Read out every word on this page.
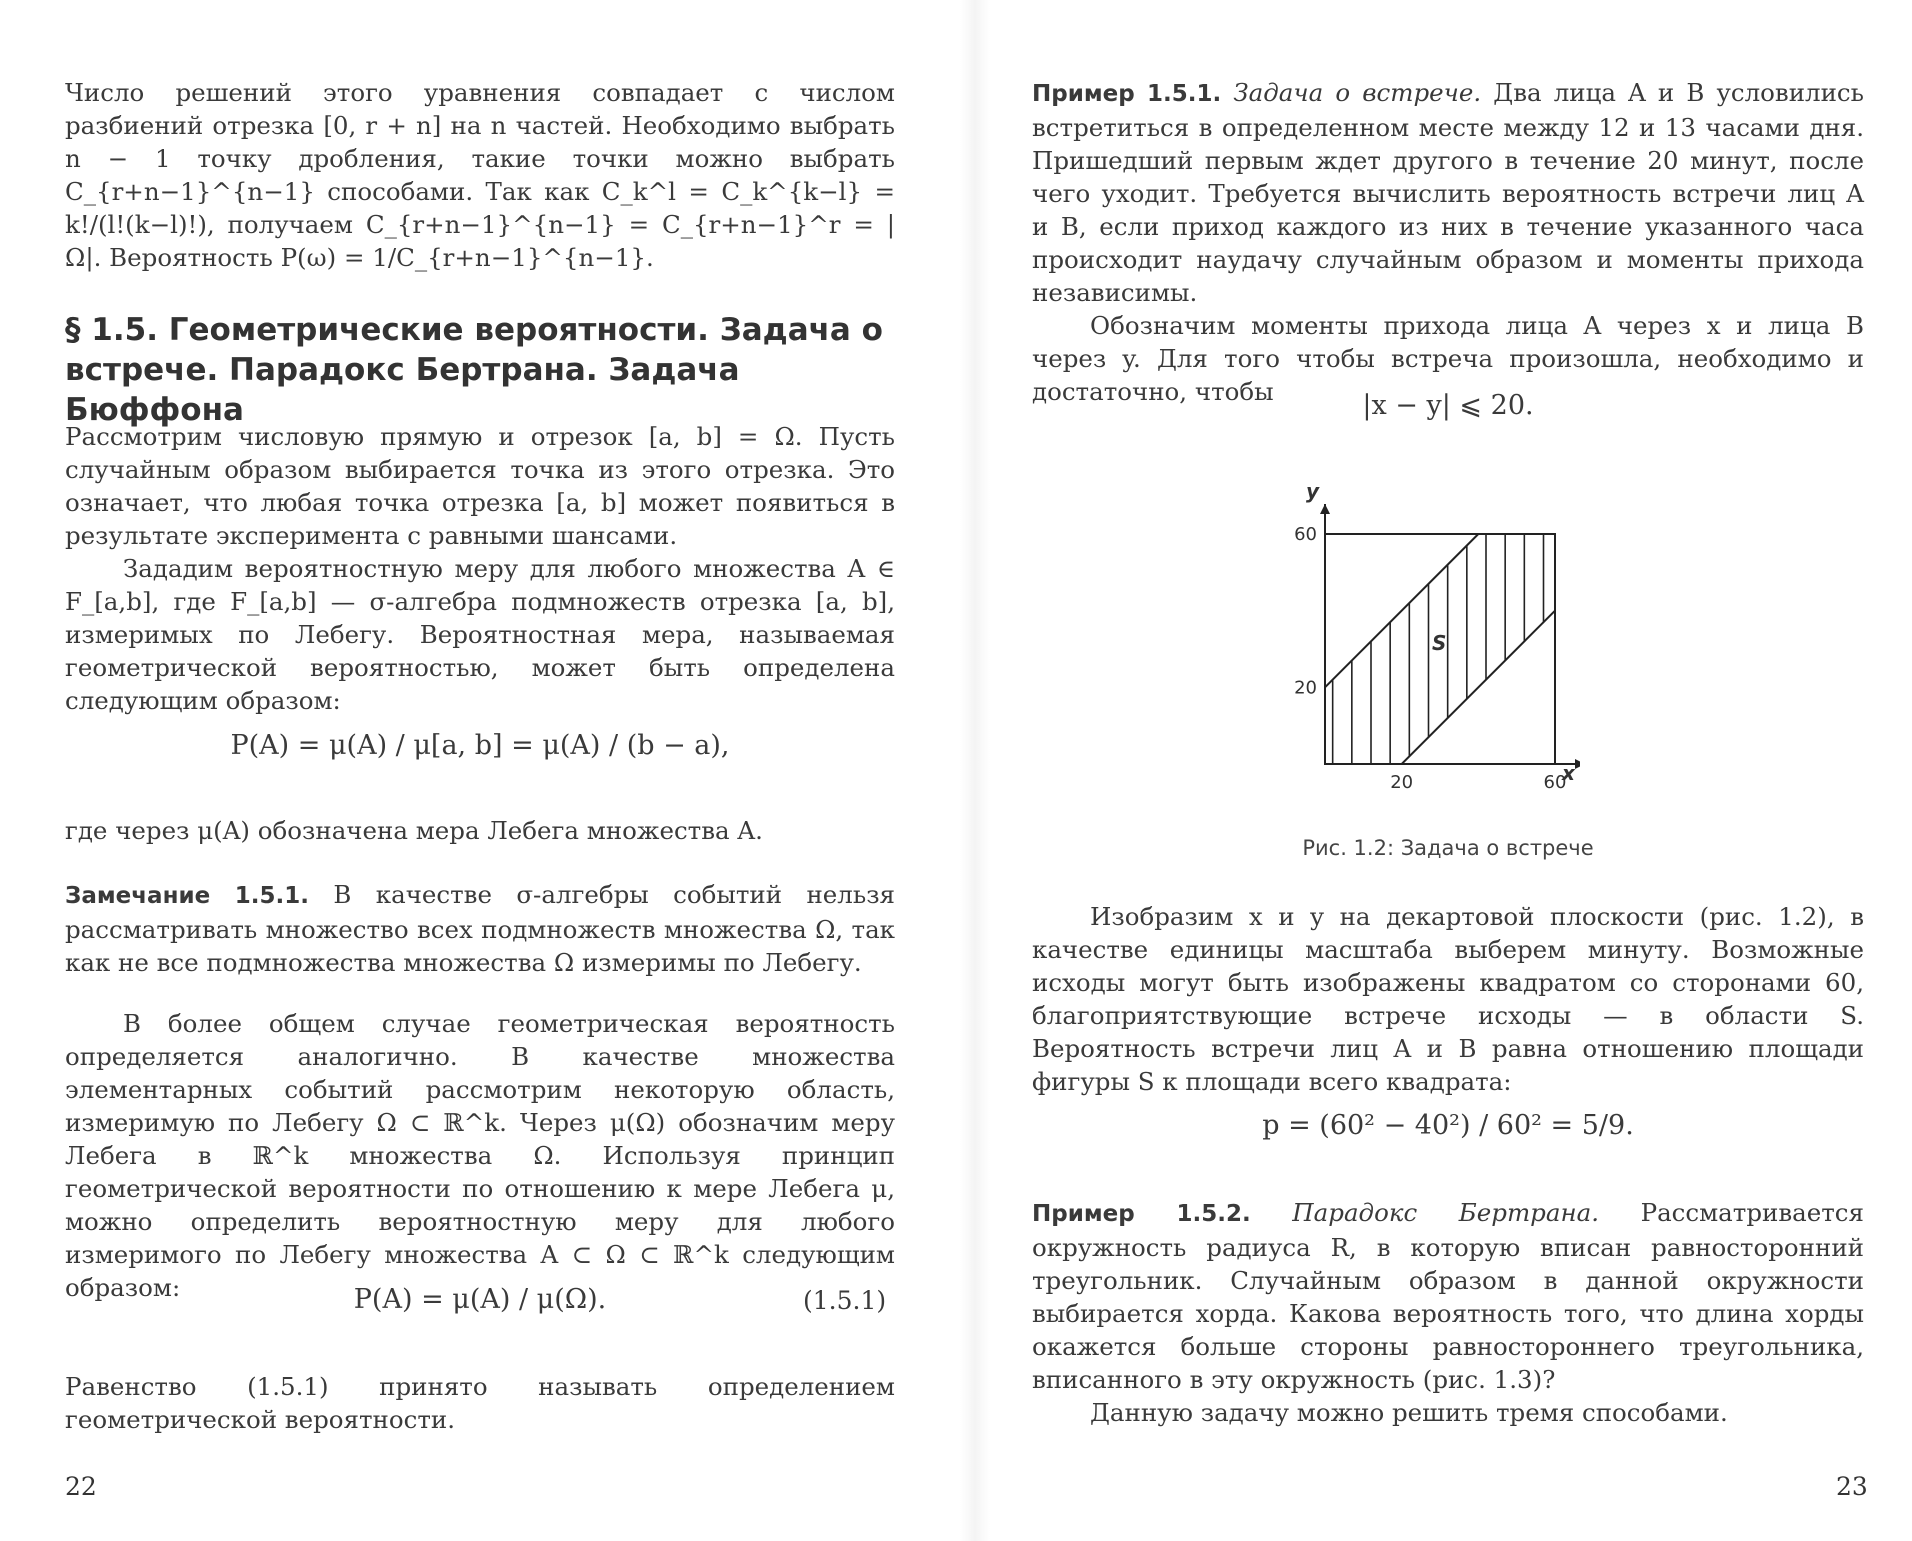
Число решений этого уравнения совпадает с числом разбиений отрезка [0, r + n] на n частей. Необходимо выбрать n − 1 точку дробления, такие точки можно выбрать C_{r+n−1}^{n−1} способами. Так как C_k^l = C_k^{k−l} = k!/(l!(k−l)!), получаем C_{r+n−1}^{n−1} = C_{r+n−1}^r = |Ω|. Вероятность P(ω) = 1/C_{r+n−1}^{n−1}.

§ 1.5. Геометрические вероятности. Задача о
встрече. Парадокс Бертрана. Задача Бюффона

Рассмотрим числовую прямую и отрезок [a, b] = Ω. Пусть случайным образом выбирается точка из этого отрезка. Это означает, что любая точка отрезка [a, b] может появиться в результате эксперимента с равными шансами.

Зададим вероятностную меру для любого множества A ∈ F_[a,b], где F_[a,b] — σ-алгебра подмножеств отрезка [a, b], измеримых по Лебегу. Вероятностная мера, называемая геометрической вероятностью, может быть определена следующим образом:

P(A) = μ(A) / μ[a, b] = μ(A) / (b − a),

где через μ(A) обозначена мера Лебега множества A.

Замечание 1.5.1. В качестве σ-алгебры событий нельзя рассматривать множество всех подмножеств множества Ω, так как не все подмножества множества Ω измеримы по Лебегу.

В более общем случае геометрическая вероятность определяется аналогично. В качестве множества элементарных событий рассмотрим некоторую область, измеримую по Лебегу Ω ⊂ ℝ^k. Через μ(Ω) обозначим меру Лебега в ℝ^k множества Ω. Используя принцип геометрической вероятности по отношению к мере Лебега μ, можно определить вероятностную меру для любого измеримого по Лебегу множества A ⊂ Ω ⊂ ℝ^k следующим образом:	P(A) = μ(A) / μ(Ω).	(1.5.1)

Равенство (1.5.1) принято называть определением геометрической вероятности.

22

Пример 1.5.1. Задача о встрече. Два лица A и B условились встретиться в определенном месте между 12 и 13 часами дня. Пришедший первым ждет другого в течение 20 минут, после чего уходит. Требуется вычислить вероятность встречи лиц A и B, если приход каждого из них в течение указанного часа происходит наудачу случайным образом и моменты прихода независимы.

Обозначим моменты прихода лица A через x и лица B через y. Для того чтобы встреча произошла, необходимо и достаточно, чтобы	|x − y| ⩽ 20.
20	60
20
60
y
x
S
Рис. 1.2: Задача о встрече

Изобразим x и y на декартовой плоскости (рис. 1.2), в качестве единицы масштаба выберем минуту. Возможные исходы могут быть изображены квадратом со сторонами 60, благоприятствующие встрече исходы — в области S. Вероятность встречи лиц A и B равна отношению площади фигуры S к площади всего квадрата:

p = (60² − 40²) / 60² = 5/9.

Пример 1.5.2. Парадокс Бертрана. Рассматривается окружность радиуса R, в которую вписан равносторонний треугольник. Случайным образом в данной окружности выбирается хорда. Какова вероятность того, что длина хорды окажется больше стороны равностороннего треугольника, вписанного в эту окружность (рис. 1.3)?

Данную задачу можно решить тремя способами.

23
